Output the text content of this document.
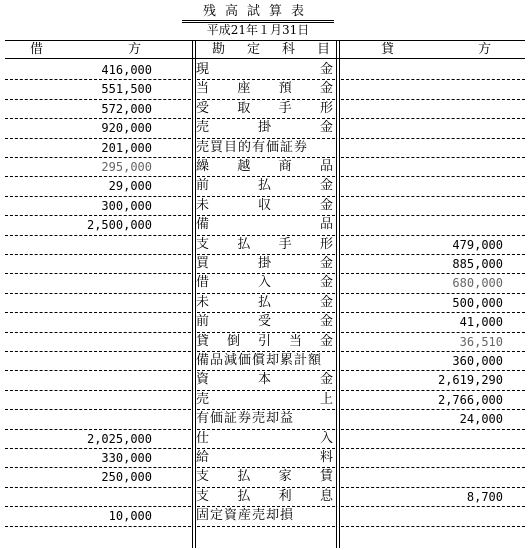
残高試算表
平成21年１月31日
借	方	勘 定 科 目	貸	方
416,000	現	金
551,500	当 座 預 金
572,000	受 取 手 形
920,000	売	掛	金
201,000	売買目的有価証券
295,000	繰 越 商 品
29,000	前	払	金
300,000	未	収	金
2,500,000	備	品
支 払 手 形	479,000
買	掛	金	885,000
借	入	金	680,000
未	払	金	500,000
前	受	金	41,000
貸 倒 引 当 金	36,510
備品減価償却累計額	360,000
資	本	金	2,619,290
売	上	2,766,000
有価証券売却益	24,000
2,025,000	仕	入
330,000	給	料
250,000	支 払 家 賃
支 払 利 息	8,700
10,000	固定資産売却損
